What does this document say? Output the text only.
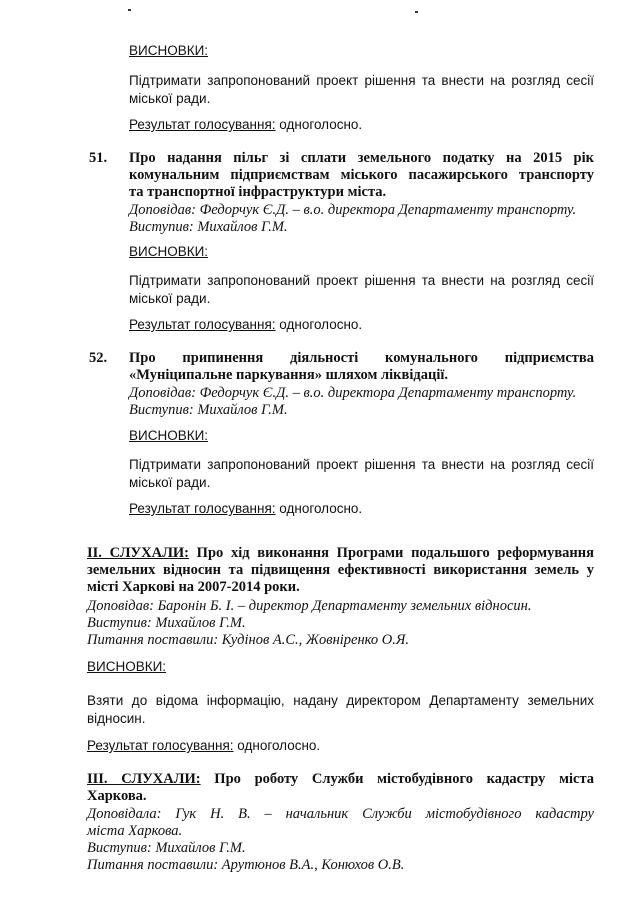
ВИСНОВКИ:
Підтримати запропонований проект рішення та внести на розгляд сесії
міської ради.
Результат голосування: одноголосно.
51. Про надання пільг зі сплати земельного податку на 2015 рік
комунальним підприємствам міського пасажирського транспорту
та транспортної інфраструктури міста.
Доповідав: Федорчук Є.Д. – в.о. директора Департаменту транспорту.
Виступив: Михайлов Г.М.
ВИСНОВКИ:
Підтримати запропонований проект рішення та внести на розгляд сесії
міської ради.
Результат голосування: одноголосно.
52. Про припинення діяльності комунального підприємства
«Муніципальне паркування» шляхом ліквідації.
Доповідав: Федорчук Є.Д. – в.о. директора Департаменту транспорту.
Виступив: Михайлов Г.М.
ВИСНОВКИ:
Підтримати запропонований проект рішення та внести на розгляд сесії
міської ради.
Результат голосування: одноголосно.
ІІ. СЛУХАЛИ: Про хід виконання Програми подальшого реформування
земельних відносин та підвищення ефективності використання земель у
місті Харкові на 2007-2014 роки.
Доповідав: Баронін Б. І. – директор Департаменту земельних відносин.
Виступив: Михайлов Г.М.
Питання поставили: Кудінов А.С., Жовніренко О.Я.
ВИСНОВКИ:
Взяти до відома інформацію, надану директором Департаменту земельних
відносин.
Результат голосування: одноголосно.
ІІІ. СЛУХАЛИ: Про роботу Служби містобудівного кадастру міста
Харкова.
Доповідала: Гук Н. В. – начальник Служби містобудівного кадастру
міста Харкова.
Виступив: Михайлов Г.М.
Питання поставили: Арутюнов В.А., Конюхов О.В.
